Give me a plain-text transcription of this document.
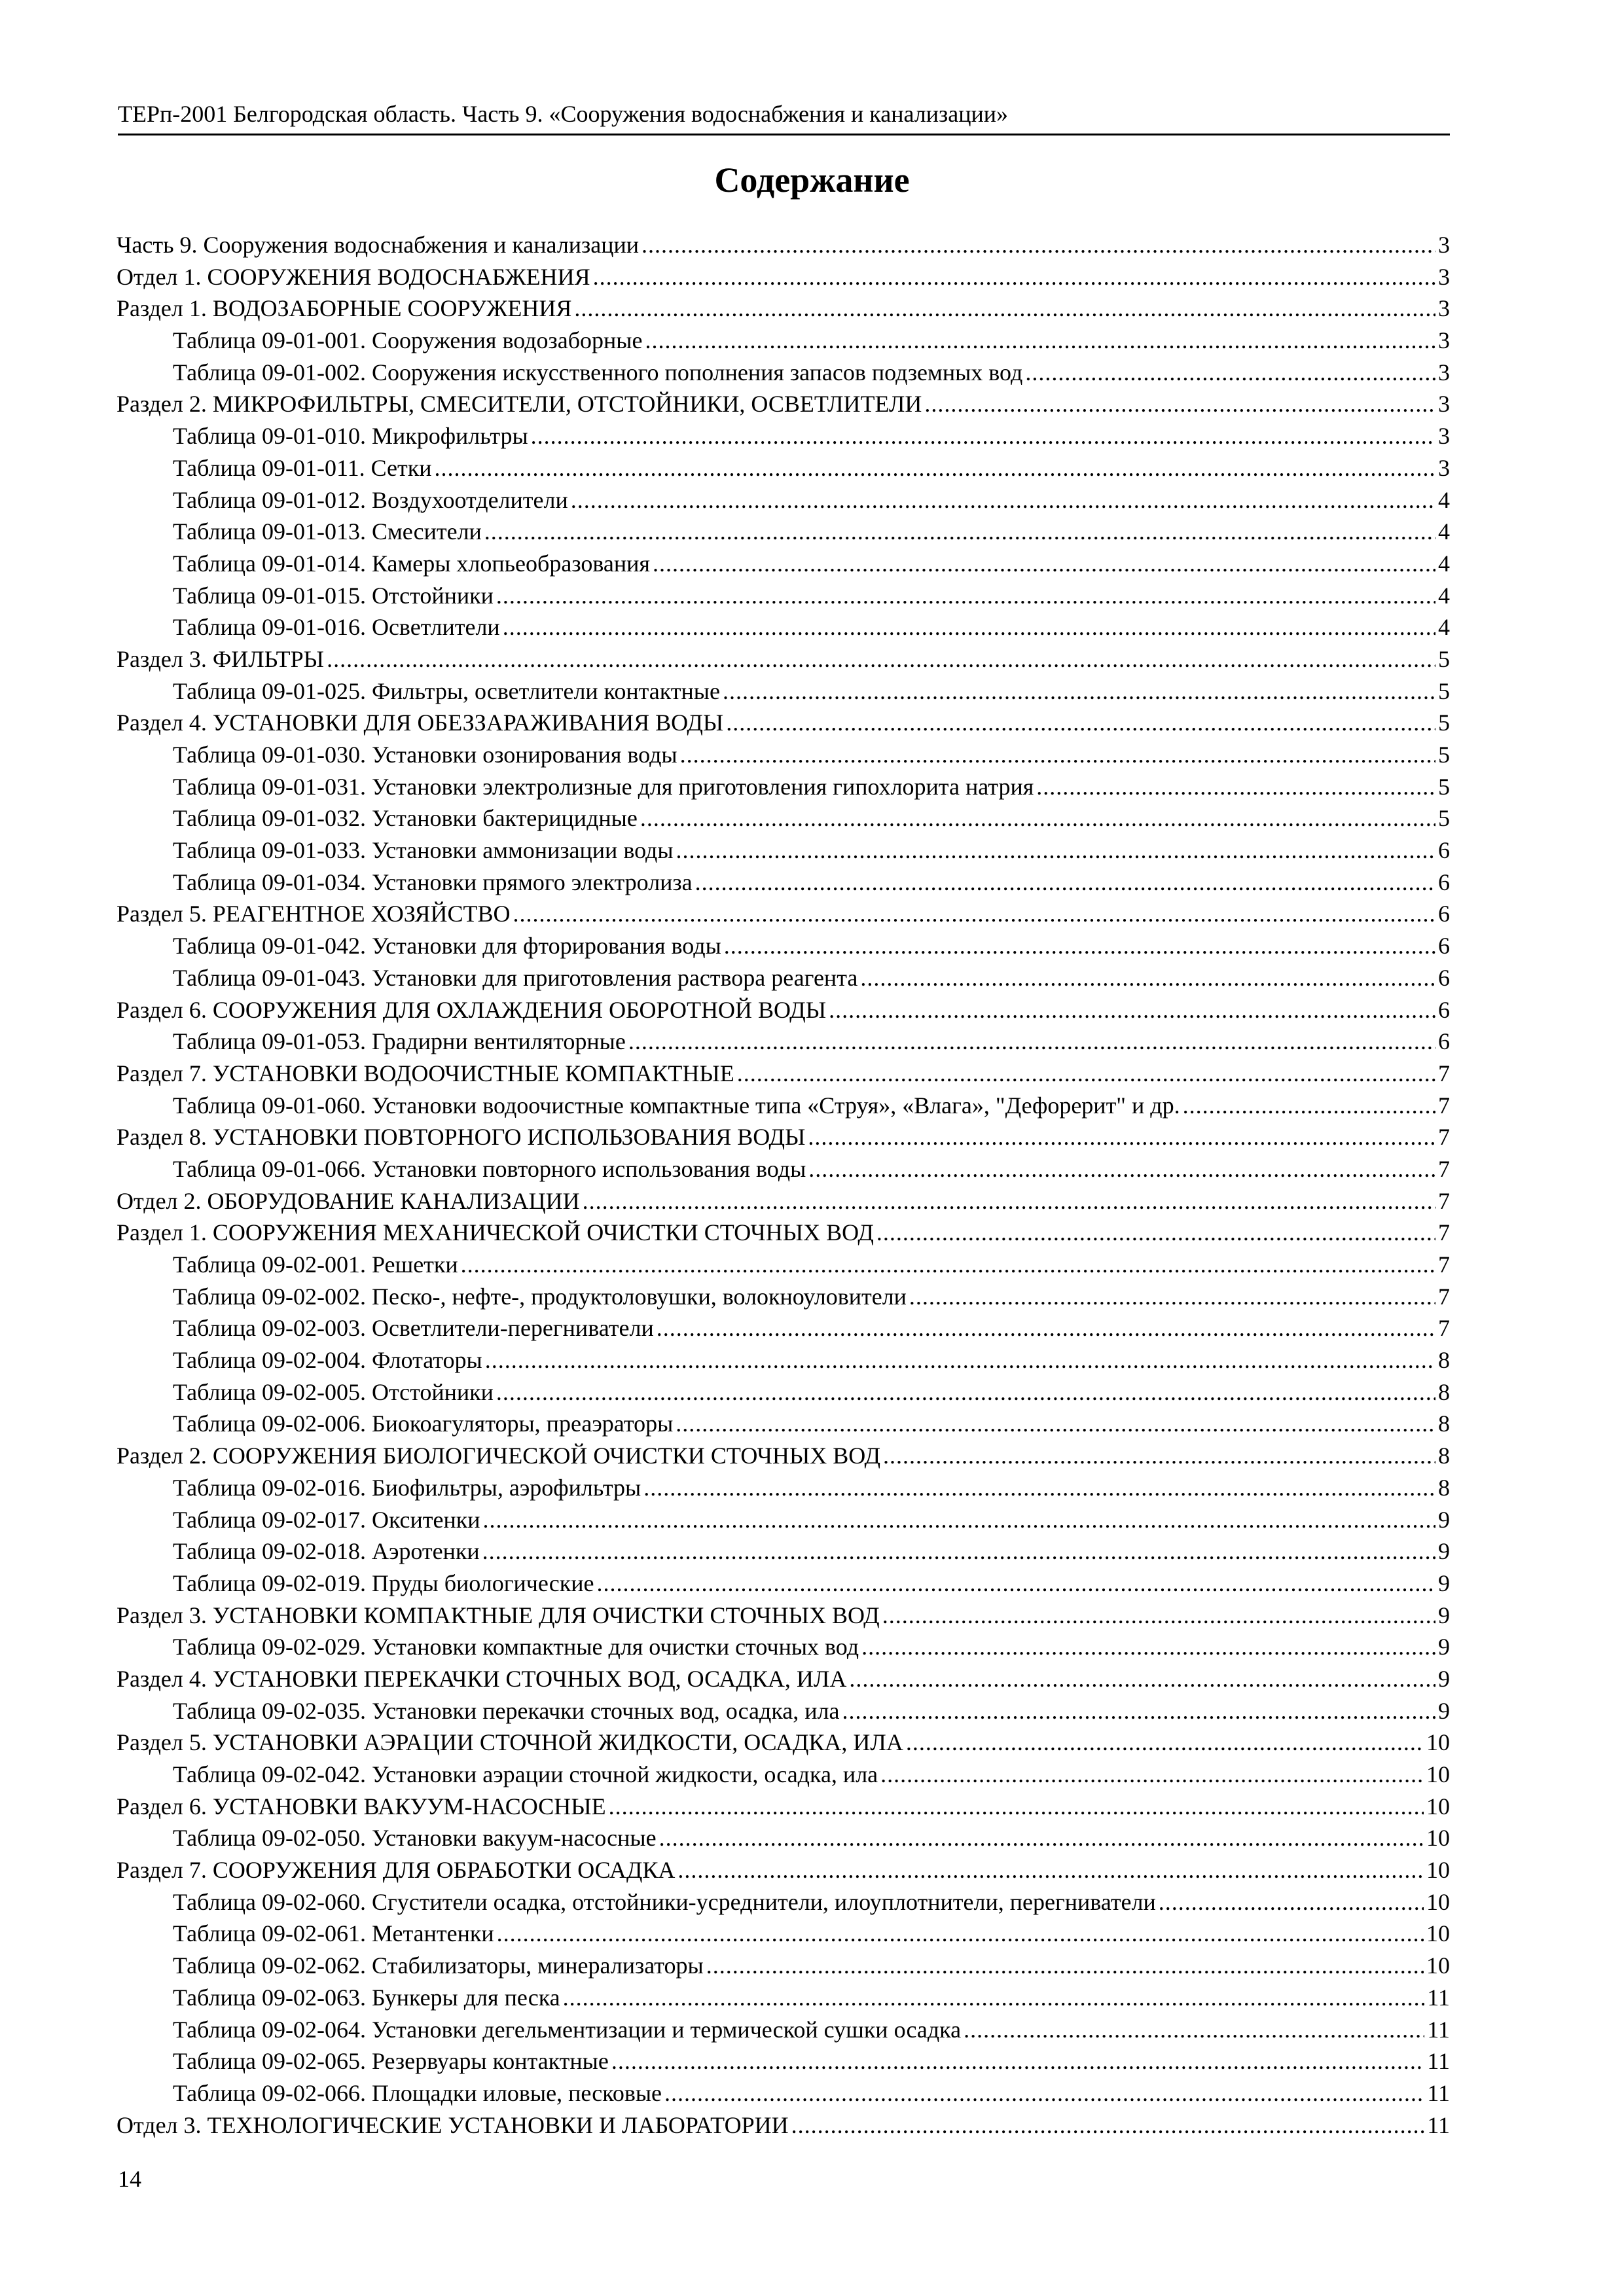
ТЕРп-2001 Белгородская область. Часть 9. «Сооружения водоснабжения и канализации»
Содержание
Часть 9. Сооружения водоснабжения и канализации .....	3
Отдел 1. СООРУЖЕНИЯ ВОДОСНАБЖЕНИЯ .....	3
Раздел 1. ВОДОЗАБОРНЫЕ СООРУЖЕНИЯ .....	3
Таблица 09-01-001. Сооружения водозаборные .....	3
Таблица 09-01-002. Сооружения искусственного пополнения запасов подземных вод .....	3
Раздел 2. МИКРОФИЛЬТРЫ, СМЕСИТЕЛИ, ОТСТОЙНИКИ, ОСВЕТЛИТЕЛИ .....	3
Таблица 09-01-010. Микрофильтры .....	3
Таблица 09-01-011. Сетки .....	3
Таблица 09-01-012. Воздухоотделители .....	4
Таблица 09-01-013. Смесители .....	4
Таблица 09-01-014. Камеры хлопьеобразования .....	4
Таблица 09-01-015. Отстойники .....	4
Таблица 09-01-016. Осветлители .....	4
Раздел 3. ФИЛЬТРЫ .....	5
Таблица 09-01-025. Фильтры, осветлители контактные .....	5
Раздел 4. УСТАНОВКИ ДЛЯ ОБЕЗЗАРАЖИВАНИЯ ВОДЫ .....	5
Таблица 09-01-030. Установки озонирования воды .....	5
Таблица 09-01-031. Установки электролизные для приготовления гипохлорита натрия .....	5
Таблица 09-01-032. Установки бактерицидные .....	5
Таблица 09-01-033. Установки аммонизации воды .....	6
Таблица 09-01-034. Установки прямого электролиза .....	6
Раздел 5. РЕАГЕНТНОЕ ХОЗЯЙСТВО .....	6
Таблица 09-01-042. Установки для фторирования воды .....	6
Таблица 09-01-043. Установки для приготовления раствора реагента .....	6
Раздел 6. СООРУЖЕНИЯ ДЛЯ ОХЛАЖДЕНИЯ ОБОРОТНОЙ ВОДЫ .....	6
Таблица 09-01-053. Градирни вентиляторные .....	6
Раздел 7. УСТАНОВКИ ВОДООЧИСТНЫЕ КОМПАКТНЫЕ .....	7
Таблица 09-01-060. Установки водоочистные компактные типа «Струя», «Влага», "Дефорерит" и др. .....	7
Раздел 8. УСТАНОВКИ ПОВТОРНОГО ИСПОЛЬЗОВАНИЯ ВОДЫ .....	7
Таблица 09-01-066. Установки повторного использования воды .....	7
Отдел 2. ОБОРУДОВАНИЕ КАНАЛИЗАЦИИ .....	7
Раздел 1. СООРУЖЕНИЯ МЕХАНИЧЕСКОЙ ОЧИСТКИ СТОЧНЫХ ВОД .....	7
Таблица 09-02-001. Решетки .....	7
Таблица 09-02-002. Песко-, нефте-, продуктоловушки, волокноуловители .....	7
Таблица 09-02-003. Осветлители-перегниватели .....	7
Таблица 09-02-004. Флотаторы .....	8
Таблица 09-02-005. Отстойники .....	8
Таблица 09-02-006. Биокоагуляторы, преаэраторы .....	8
Раздел 2. СООРУЖЕНИЯ БИОЛОГИЧЕСКОЙ ОЧИСТКИ СТОЧНЫХ ВОД .....	8
Таблица 09-02-016. Биофильтры, аэрофильтры .....	8
Таблица 09-02-017. Окситенки .....	9
Таблица 09-02-018. Аэротенки .....	9
Таблица 09-02-019. Пруды биологические .....	9
Раздел 3. УСТАНОВКИ КОМПАКТНЫЕ ДЛЯ ОЧИСТКИ СТОЧНЫХ ВОД .....	9
Таблица 09-02-029. Установки компактные для очистки сточных вод .....	9
Раздел 4. УСТАНОВКИ ПЕРЕКАЧКИ СТОЧНЫХ ВОД, ОСАДКА, ИЛА .....	9
Таблица 09-02-035. Установки перекачки сточных вод, осадка, ила .....	9
Раздел 5. УСТАНОВКИ АЭРАЦИИ СТОЧНОЙ ЖИДКОСТИ, ОСАДКА, ИЛА .....	10
Таблица 09-02-042. Установки аэрации сточной жидкости, осадка, ила .....	10
Раздел 6. УСТАНОВКИ ВАКУУМ-НАСОСНЫЕ .....	10
Таблица 09-02-050. Установки вакуум-насосные .....	10
Раздел 7. СООРУЖЕНИЯ ДЛЯ ОБРАБОТКИ ОСАДКА .....	10
Таблица 09-02-060. Сгустители осадка, отстойники-усреднители, илоуплотнители, перегниватели .....	10
Таблица 09-02-061. Метантенки .....	10
Таблица 09-02-062. Стабилизаторы, минерализаторы .....	10
Таблица 09-02-063. Бункеры для песка .....	11
Таблица 09-02-064. Установки дегельментизации и термической сушки осадка .....	11
Таблица 09-02-065. Резервуары контактные .....	11
Таблица 09-02-066. Площадки иловые, песковые .....	11
Отдел 3. ТЕХНОЛОГИЧЕСКИЕ УСТАНОВКИ И ЛАБОРАТОРИИ .....	11
14
